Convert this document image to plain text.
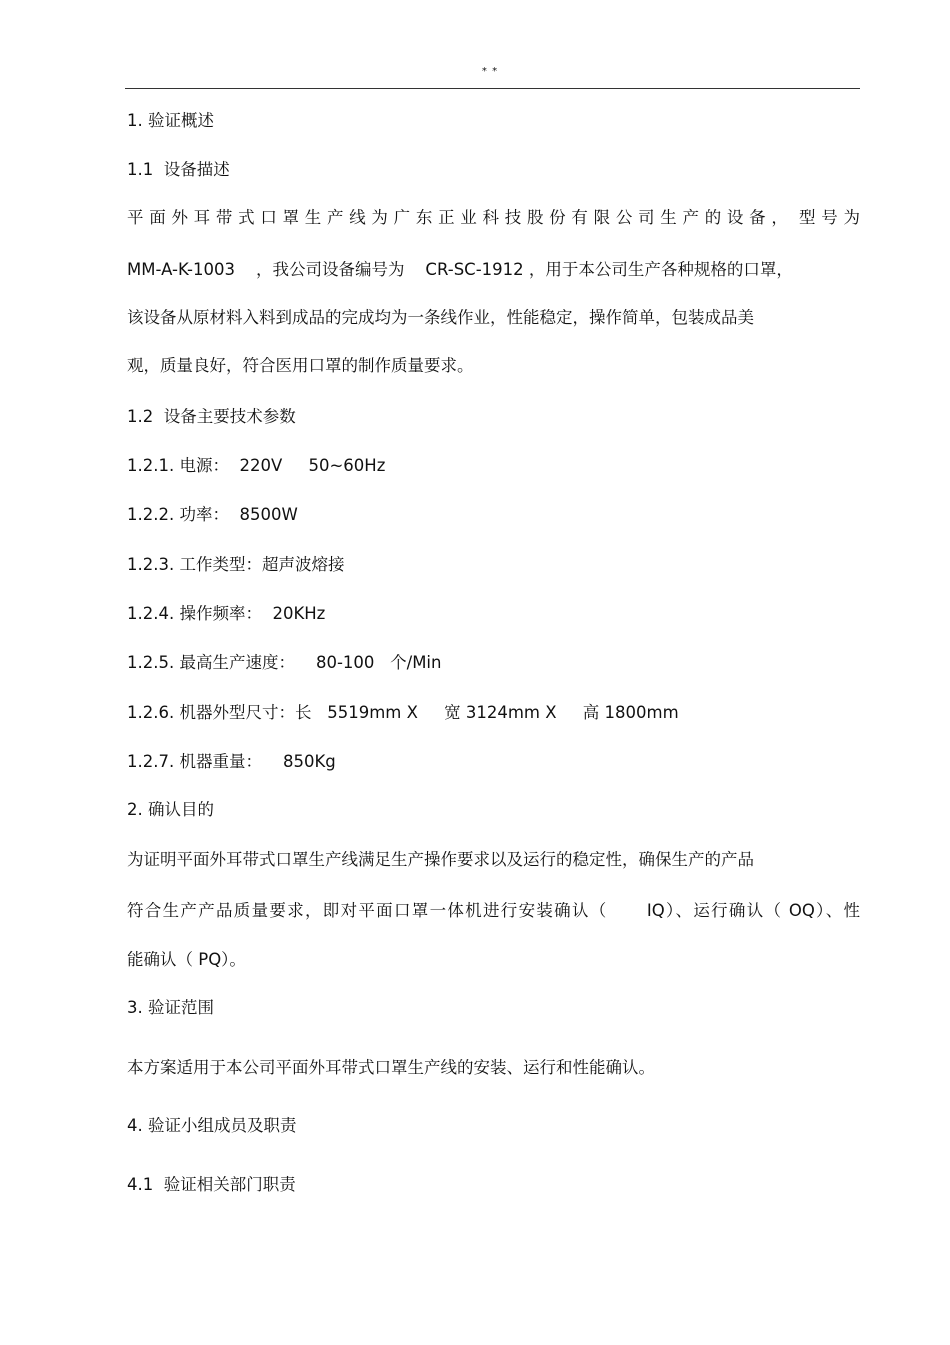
* *
1. 验证概述
1.1  设备描述
平 面 外 耳 带 式 口 罩 生 产 线 为 广 东 正 业 科 技 股 份 有 限 公 司 生 产 的 设 备 ，  型 号 为
MM-A-K-1003    ，我公司设备编号为    CR-SC-1912 ，用于本公司生产各种规格的口罩，
该设备从原材料入料到成品的完成均为一条线作业，性能稳定，操作简单，包装成品美
观，质量良好，符合医用口罩的制作质量要求。
1.2  设备主要技术参数
1.2.1. 电源：  220V     50~60Hz
1.2.2. 功率：  8500W
1.2.3. 工作类型：超声波熔接
1.2.4. 操作频率：  20KHz
1.2.5. 最高生产速度：    80-100   个/Min
1.2.6. 机器外型尺寸：长   5519mm X     宽 3124mm X     高 1800mm
1.2.7. 机器重量：    850Kg
2. 确认目的
为证明平面外耳带式口罩生产线满足生产操作要求以及运行的稳定性，确保生产的产品
符合生产产品质量要求，即对平面口罩一体机进行安装确认（      IQ）、运行确认（ OQ）、性
能确认（ PQ）。
3. 验证范围
本方案适用于本公司平面外耳带式口罩生产线的安装、运行和性能确认。
4. 验证小组成员及职责
4.1  验证相关部门职责
